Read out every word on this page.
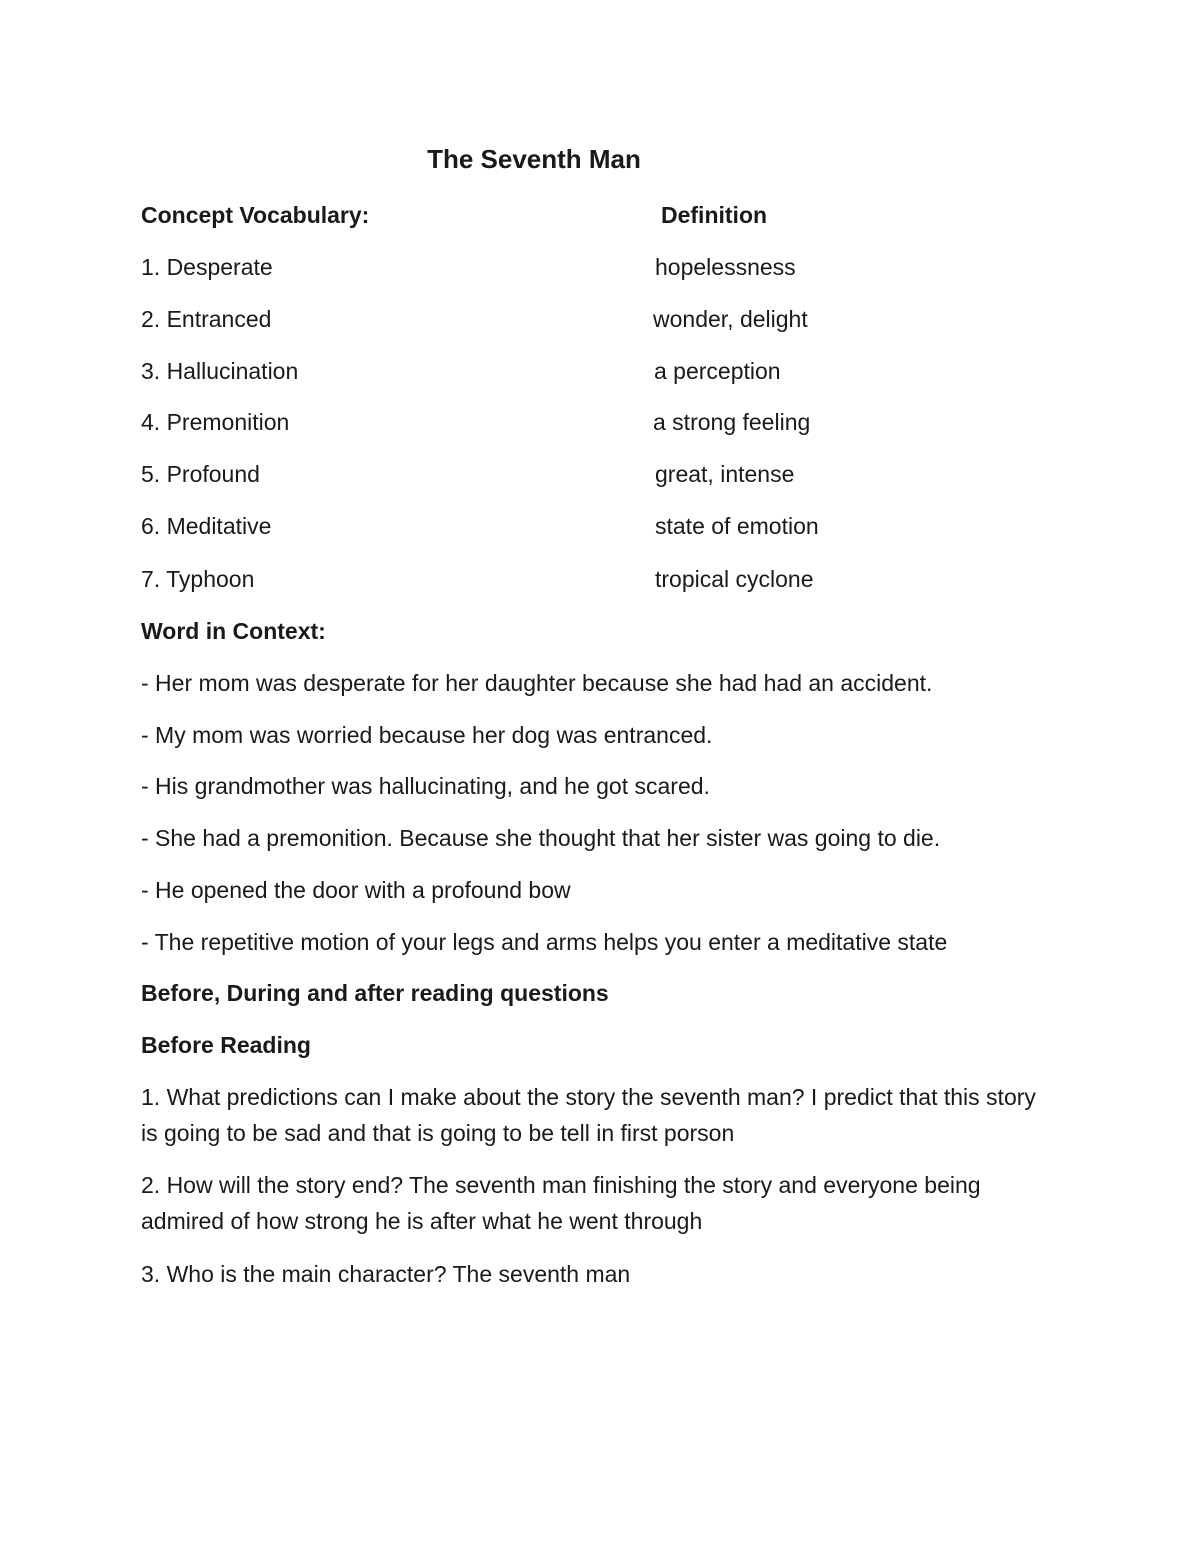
The Seventh Man
Concept Vocabulary:	Definition
1. Desperate	hopelessness
2. Entranced	wonder, delight
3. Hallucination	a perception
4. Premonition	a strong feeling
5. Profound	great, intense
6. Meditative	state of emotion
7. Typhoon	tropical cyclone
Word in Context:
- Her mom was desperate for her daughter because she had had an accident.
- My mom was worried because her dog was entranced.
- His grandmother was hallucinating, and he got scared.
- She had a premonition. Because she thought that her sister was going to die.
- He opened the door with a profound bow
- The repetitive motion of your legs and arms helps you enter a meditative state
Before, During and after reading questions
Before Reading
1. What predictions can I make about the story the seventh man? I predict that this story is going to be sad and that is going to be tell in first porson
2. How will the story end? The seventh man finishing the story and everyone being admired of how strong he is after what he went through
3. Who is the main character? The seventh man
